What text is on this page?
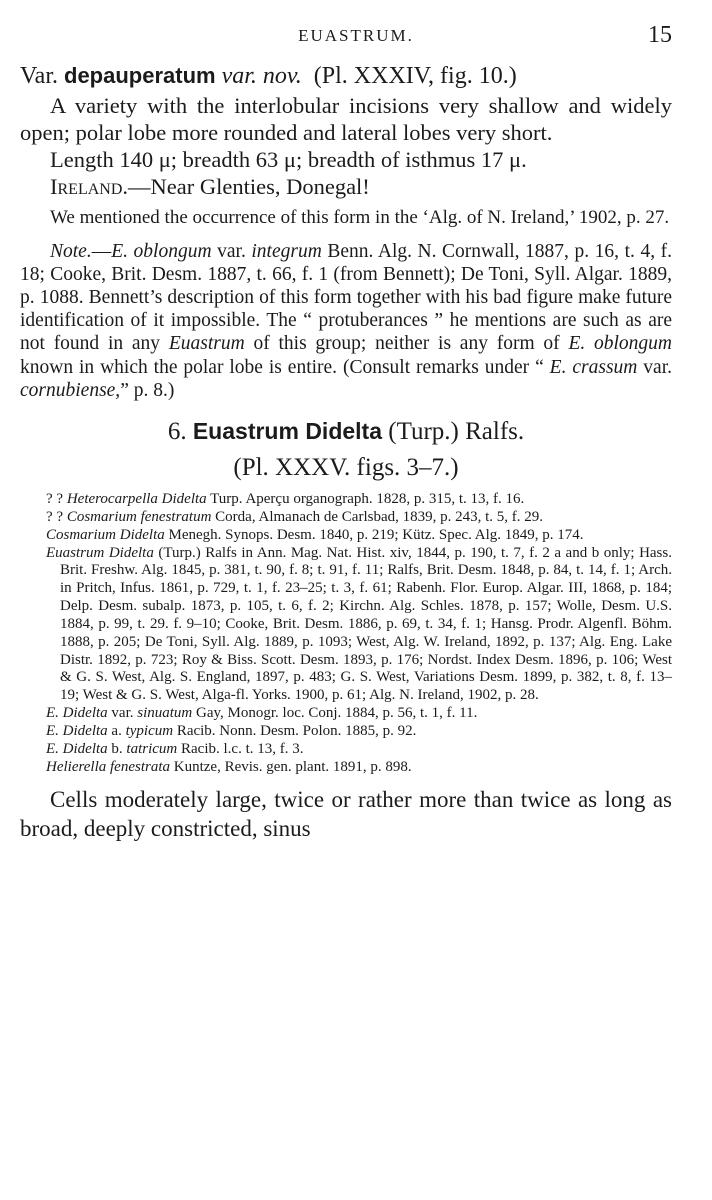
EUASTRUM.	15

Var. depauperatum var. nov. (Pl. XXXIV, fig. 10.)

A variety with the interlobular incisions very shallow and widely open; polar lobe more rounded and lateral lobes very short.

Length 140 μ; breadth 63 μ; breadth of isthmus 17 μ.

Ireland.—Near Glenties, Donegal!

We mentioned the occurrence of this form in the ‘Alg. of N. Ireland,’ 1902, p. 27.

Note.—E. oblongum var. integrum Benn. Alg. N. Cornwall, 1887, p. 16, t. 4, f. 18; Cooke, Brit. Desm. 1887, t. 66, f. 1 (from Bennett); De Toni, Syll. Algar. 1889, p. 1088. Bennett’s description of this form together with his bad figure make future identification of it impossible. The “ protuberances ” he mentions are such as are not found in any Euastrum of this group; neither is any form of E. oblongum known in which the polar lobe is entire. (Consult remarks under “ E. crassum var. cornubiense,” p. 8.)

6. Euastrum Didelta (Turp.) Ralfs.

(Pl. XXXV. figs. 3–7.)

? ? Heterocarpella Didelta Turp. Aperçu organograph. 1828, p. 315, t. 13, f. 16.

? ? Cosmarium fenestratum Corda, Almanach de Carlsbad, 1839, p. 243, t. 5, f. 29.

Cosmarium Didelta Menegh. Synops. Desm. 1840, p. 219; Kütz. Spec. Alg. 1849, p. 174.

Euastrum Didelta (Turp.) Ralfs in Ann. Mag. Nat. Hist. xiv, 1844, p. 190, t. 7, f. 2 a and b only; Hass. Brit. Freshw. Alg. 1845, p. 381, t. 90, f. 8; t. 91, f. 11; Ralfs, Brit. Desm. 1848, p. 84, t. 14, f. 1; Arch. in Pritch, Infus. 1861, p. 729, t. 1, f. 23–25; t. 3, f. 61; Rabenh. Flor. Europ. Algar. III, 1868, p. 184; Delp. Desm. subalp. 1873, p. 105, t. 6, f. 2; Kirchn. Alg. Schles. 1878, p. 157; Wolle, Desm. U.S. 1884, p. 99, t. 29. f. 9–10; Cooke, Brit. Desm. 1886, p. 69, t. 34, f. 1; Hansg. Prodr. Algenfl. Böhm. 1888, p. 205; De Toni, Syll. Alg. 1889, p. 1093; West, Alg. W. Ireland, 1892, p. 137; Alg. Eng. Lake Distr. 1892, p. 723; Roy & Biss. Scott. Desm. 1893, p. 176; Nordst. Index Desm. 1896, p. 106; West & G. S. West, Alg. S. England, 1897, p. 483; G. S. West, Variations Desm. 1899, p. 382, t. 8, f. 13–19; West & G. S. West, Alga-fl. Yorks. 1900, p. 61; Alg. N. Ireland, 1902, p. 28.

E. Didelta var. sinuatum Gay, Monogr. loc. Conj. 1884, p. 56, t. 1, f. 11.

E. Didelta a. typicum Racib. Nonn. Desm. Polon. 1885, p. 92.

E. Didelta b. tatricum Racib. l.c. t. 13, f. 3.

Helierella fenestrata Kuntze, Revis. gen. plant. 1891, p. 898.

Cells moderately large, twice or rather more than twice as long as broad, deeply constricted, sinus
